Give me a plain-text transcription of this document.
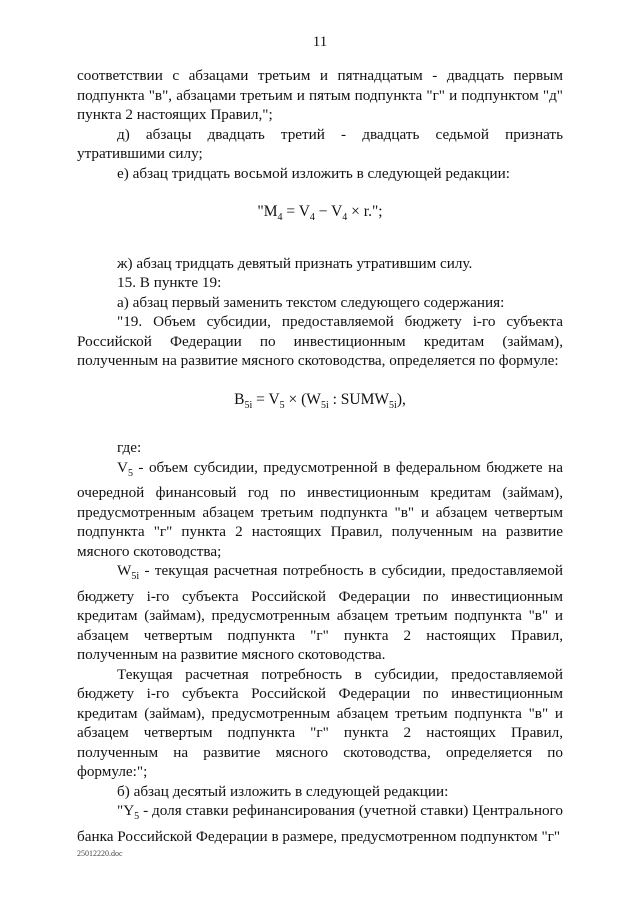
11

соответствии с абзацами третьим и пятнадцатым - двадцать первым подпункта "в", абзацами третьим и пятым подпункта "г" и подпунктом "д" пункта 2 настоящих Правил,";

д) абзацы двадцать третий - двадцать седьмой признать утратившими силу;

е) абзац тридцать восьмой изложить в следующей редакции:

"$M_4 = V_4 - V_4 \times r$.";

ж) абзац тридцать девятый признать утратившим силу.

15. В пункте 19:

а) абзац первый заменить текстом следующего содержания:

"19. Объем субсидии, предоставляемой бюджету i-го субъекта Российской Федерации по инвестиционным кредитам (займам), полученным на развитие мясного скотоводства, определяется по формуле:

$B_{5i} = V_5 \times (W_{5i}$ : $SUMW_{5i}$),

где:

$V_5$ - объем субсидии, предусмотренной в федеральном бюджете на очередной финансовый год по инвестиционным кредитам (займам), предусмотренным абзацем третьим подпункта "в" и абзацем четвертым подпункта "г" пункта 2 настоящих Правил, полученным на развитие мясного скотоводства;

$W_{5i}$ - текущая расчетная потребность в субсидии, предоставляемой бюджету i-го субъекта Российской Федерации по инвестиционным кредитам (займам), предусмотренным абзацем третьим подпункта "в" и абзацем четвертым подпункта "г" пункта 2 настоящих Правил, полученным на развитие мясного скотоводства.

Текущая расчетная потребность в субсидии, предоставляемой бюджету i-го субъекта Российской Федерации по инвестиционным кредитам (займам), предусмотренным абзацем третьим подпункта "в" и абзацем четвертым подпункта "г" пункта 2 настоящих Правил, полученным на развитие мясного скотоводства, определяется по формуле:";

б) абзац десятый изложить в следующей редакции:

"$Y_5$ - доля ставки рефинансирования (учетной ставки) Центрального банка Российской Федерации в размере, предусмотренном подпунктом "г"

25012220.doc
